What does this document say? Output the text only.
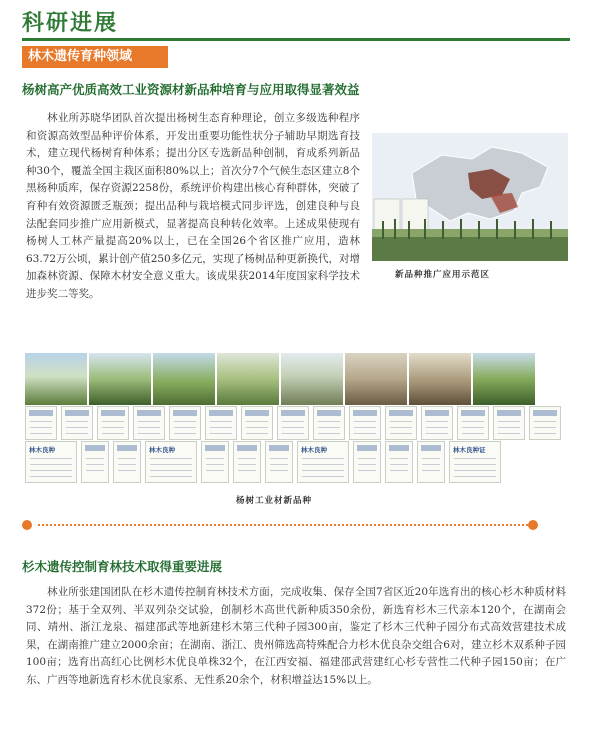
科研进展
林木遗传育种领域
杨树高产优质高效工业资源材新品种培育与应用取得显著效益
林业所苏晓华团队首次提出杨树生态育种理论，创立多级选种程序和资源高效型品种评价体系，开发出重要功能性状分子辅助早期选育技术，建立现代杨树育种体系；提出分区专选新品种创制，育成系列新品种30个，覆盖全国主栽区面积80%以上；首次分7个气候生态区建立8个黑杨种质库，保存资源2258份，系统评价构建出核心育种群体，突破了育种有效资源匮乏瓶颈；提出品种与栽培模式同步评选，创建良种与良法配套同步推广应用新模式，显著提高良种转化效率。上述成果使现有杨树人工林产量提高20%以上，已在全国26个省区推广应用，造林63.72万公顷，累计创产值250多亿元，实现了杨树品种更新换代，对增加森林资源、保障木材安全意义重大。该成果获2014年度国家科学技术进步奖二等奖。
新品种推广应用示范区
林木良种	林木良种	林木良种	林木良种证
杨树工业材新品种
杉木遗传控制育林技术取得重要进展
林业所张建国团队在杉木遗传控制育林技术方面，完成收集、保存全国7省区近20年选育出的核心杉木种质材料372份；基于全双列、半双列杂交试验，创制杉木高世代新种质350余份，新选育杉木三代亲本120个，在湖南会同、靖州、浙江龙泉、福建邵武等地新建杉木第三代种子园300亩，鉴定了杉木三代种子园分布式高效营建技术成果，在湖南推广建立2000余亩；在湖南、浙江、贵州筛选高特殊配合力杉木优良杂交组合6对，建立杉木双系种子园100亩；选育出高红心比例杉木优良单株32个，在江西安福、福建邵武营建红心杉专营性二代种子园150亩；在广东、广西等地新选育杉木优良家系、无性系20余个，材积增益达15%以上。
